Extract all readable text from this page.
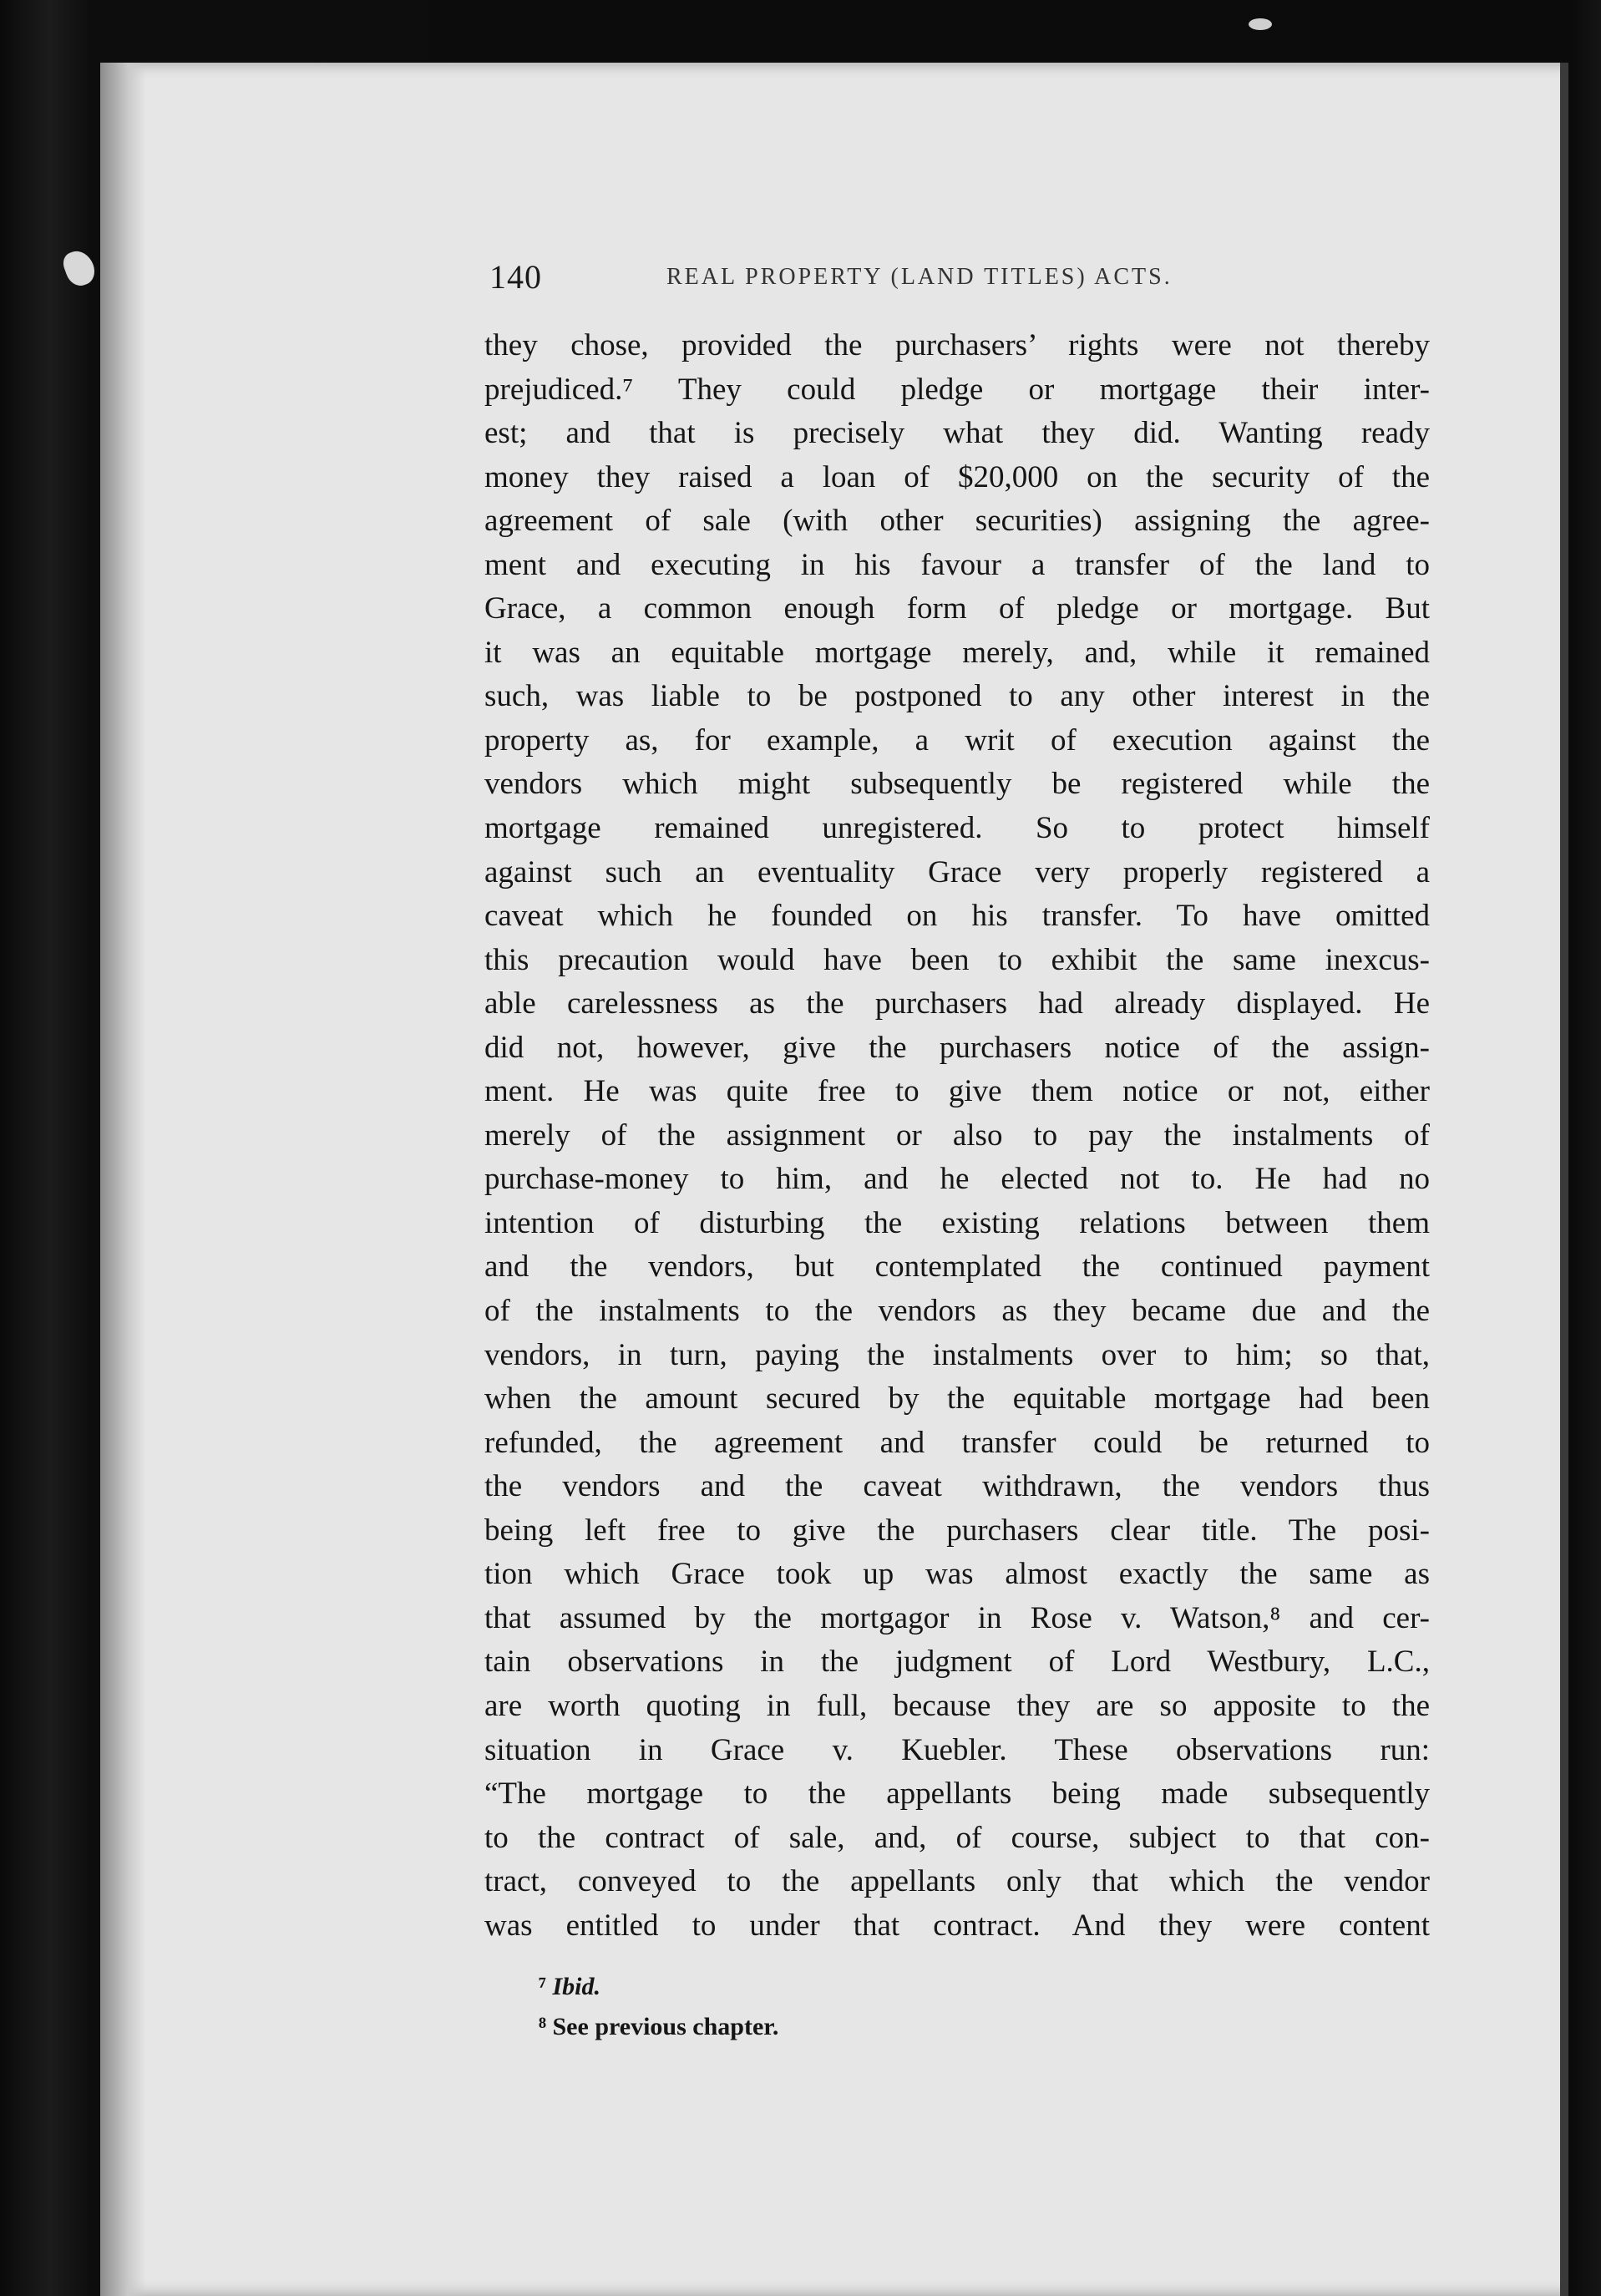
140	REAL PROPERTY (LAND TITLES) ACTS.
they chose, provided the purchasers’ rights were not thereby
prejudiced.⁷ They could pledge or mortgage their inter-
est; and that is precisely what they did. Wanting ready
money they raised a loan of $20,000 on the security of the
agreement of sale (with other securities) assigning the agree-
ment and executing in his favour a transfer of the land to
Grace, a common enough form of pledge or mortgage. But
it was an equitable mortgage merely, and, while it remained
such, was liable to be postponed to any other interest in the
property as, for example, a writ of execution against the
vendors which might subsequently be registered while the
mortgage remained unregistered. So to protect himself
against such an eventuality Grace very properly registered a
caveat which he founded on his transfer. To have omitted
this precaution would have been to exhibit the same inexcus-
able carelessness as the purchasers had already displayed. He
did not, however, give the purchasers notice of the assign-
ment. He was quite free to give them notice or not, either
merely of the assignment or also to pay the instalments of
purchase-money to him, and he elected not to. He had no
intention of disturbing the existing relations between them
and the vendors, but contemplated the continued payment
of the instalments to the vendors as they became due and the
vendors, in turn, paying the instalments over to him; so that,
when the amount secured by the equitable mortgage had been
refunded, the agreement and transfer could be returned to
the vendors and the caveat withdrawn, the vendors thus
being left free to give the purchasers clear title. The posi-
tion which Grace took up was almost exactly the same as
that assumed by the mortgagor in Rose v. Watson,⁸ and cer-
tain observations in the judgment of Lord Westbury, L.C.,
are worth quoting in full, because they are so apposite to the
situation in Grace v. Kuebler. These observations run:
“The mortgage to the appellants being made subsequently
to the contract of sale, and, of course, subject to that con-
tract, conveyed to the appellants only that which the vendor
was entitled to under that contract. And they were content
⁷ Ibid.
⁸ See previous chapter.
